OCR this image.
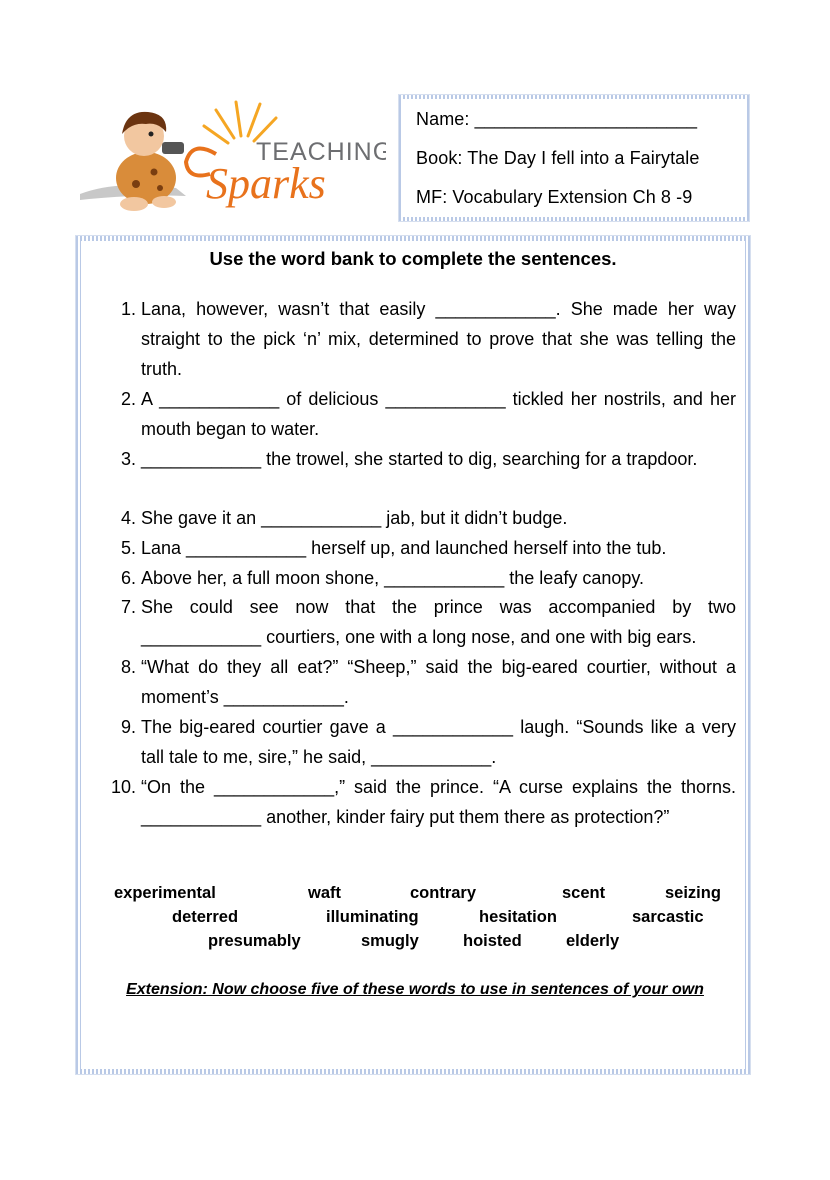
TEACHING
Sparks
Name: ______________________
Book: The Day I fell into a Fairytale
MF: Vocabulary Extension Ch 8 -9
Use the word bank to complete the sentences.
1. Lana, however, wasn’t that easily ____________. She made her way straight to the pick ‘n’ mix, determined to prove that she was telling the truth.
2. A ____________ of delicious ____________ tickled her nostrils, and her mouth began to water.
3. ____________ the trowel, she started to dig, searching for a trapdoor.
4. She gave it an ____________ jab, but it didn’t budge.
5. Lana ____________ herself up, and launched herself into the tub.
6. Above her, a full moon shone, ____________ the leafy canopy.
7. She could see now that the prince was accompanied by two ____________ courtiers, one with a long nose, and one with big ears.
8. “What do they all eat?” “Sheep,” said the big-eared courtier, without a moment’s ____________.
9. The big-eared courtier gave a ____________ laugh. “Sounds like a very tall tale to me, sire,” he said, ____________.
10. “On the ____________,” said the prince. “A curse explains the thorns. ____________ another, kinder fairy put them there as protection?”
experimental	waft	contrary	scent	seizing
deterred	illuminating	hesitation	sarcastic
presumably	smugly	hoisted	elderly
Extension: Now choose five of these words to use in sentences of your own
